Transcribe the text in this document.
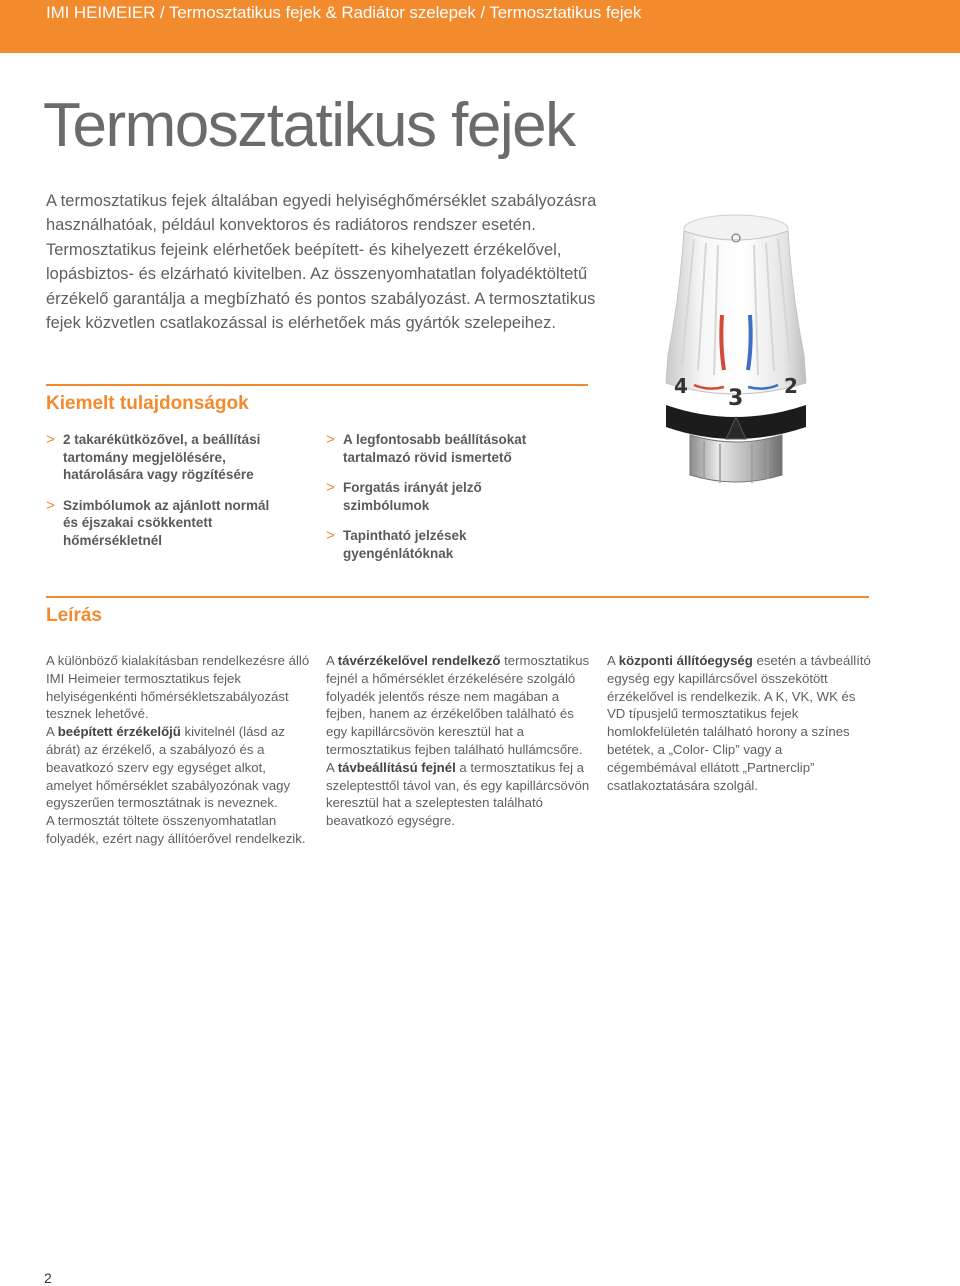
IMI HEIMEIER / Termosztatikus fejek & Radiátor szelepek / Termosztatikus fejek
Termosztatikus fejek

A termosztatikus fejek általában egyedi helyiséghőmérséklet szabályozásra használhatóak, például konvektoros és radiátoros rendszer esetén. Termosztatikus fejeink elérhetőek beépített- és kihelyezett érzékelővel, lopásbiztos- és elzárható kivitelben. Az összenyomhatatlan folyadéktöltetű érzékelő garantálja a megbízható és pontos szabályozást. A termosztatikus fejek közvetlen csatlakozással is elérhetőek más gyártók szelepeihez.

Kiemelt tulajdonságok
> 2 takarékütközővel, a beállítási tartomány megjelölésére, határolására vagy rögzítésére
> Szimbólumok az ajánlott normál és éjszakai csökkentett hőmérsékletnél
> A legfontosabb beállításokat tartalmazó rövid ismertető
> Forgatás irányát jelző szimbólumok
> Tapintható jelzések gyengénlátóknak
4 3 2
Leírás
A különböző kialakításban rendelkezésre álló IMI Heimeier termosztatikus fejek helyiségenkénti hőmérsékletszabályozást tesznek lehetővé.
A beépített érzékelőjű kivitelnél (lásd az ábrát) az érzékelő, a szabályozó és a beavatkozó szerv egy egységet alkot, amelyet hőmérséklet szabályozónak vagy egyszerűen termosztátnak is neveznek.
A termosztát töltete összenyomhatatlan folyadék, ezért nagy állítóerővel rendelkezik.
A távérzékelővel rendelkező termosztatikus fejnél a hőmérséklet érzékelésére szolgáló folyadék jelentős része nem magában a fejben, hanem az érzékelőben található és egy kapillárcsövön keresztül hat a termosztatikus fejben található hullámcsőre.
A távbeállítású fejnél a termosztatikus fej a szeleptesttől távol van, és egy kapillárcsövön keresztül hat a szeleptesten található beavatkozó egységre.
A központi állítóegység esetén a távbeállító egység egy kapillárcsővel összekötött érzékelővel is rendelkezik. A K, VK, WK és VD típusjelű termosztatikus fejek homlokfelületén található horony a színes betétek, a „Color- Clip” vagy a cégembémával ellátott „Partnerclip” csatlakoztatására szolgál.
2
